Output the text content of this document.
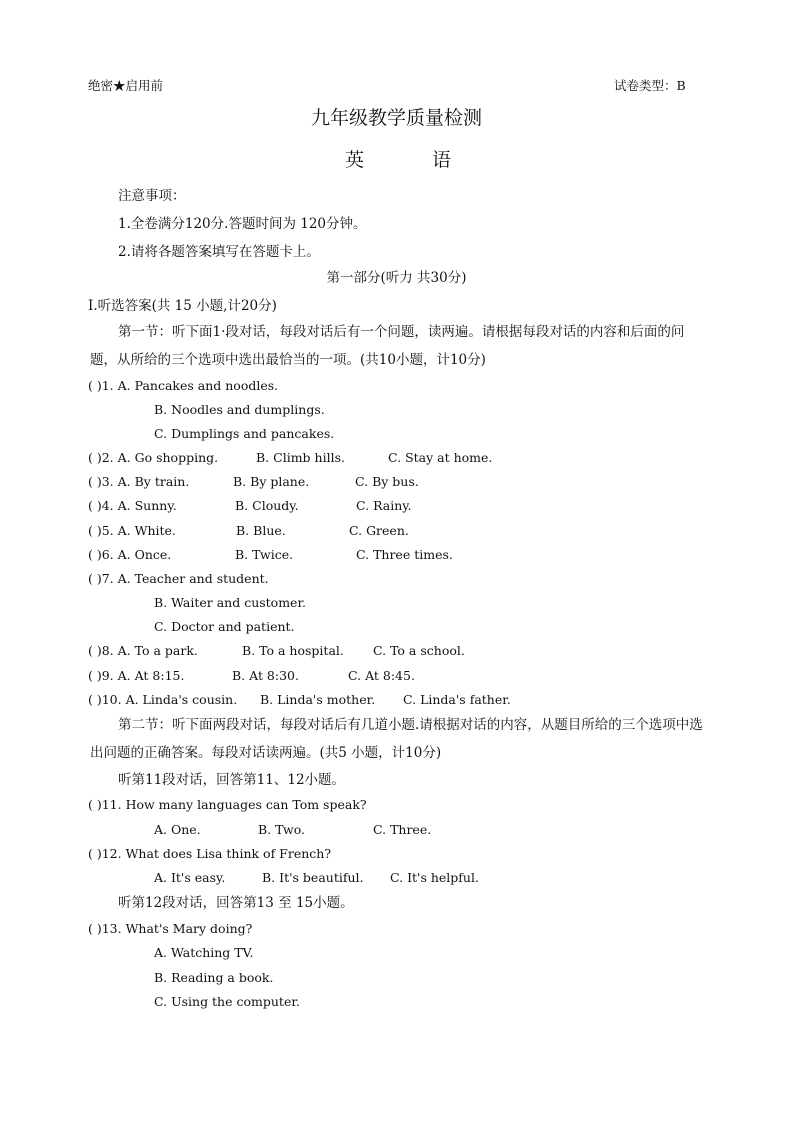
绝密★启用前	试卷类型：B
九年级教学质量检测
英	语
注意事项：
1.全卷满分120分.答题时间为 120分钟。
2.请将各题答案填写在答题卡上。
第一部分(听力 共30分)
Ⅰ.听选答案(共 15 小题,计20分)
第一节：听下面1·段对话，每段对话后有一个问题，读两遍。请根据每段对话的内容和后面的问题，从所给的三个选项中选出最恰当的一项。(共10小题，计10分)
( )1. A. Pancakes and noodles.
B. Noodles and dumplings.
C. Dumplings and pancakes.
( )2. A. Go shopping.	B. Climb hills.	C. Stay at home.
( )3. A. By train.	B. By plane.	C. By bus.
( )4. A. Sunny.	B. Cloudy.	C. Rainy.
( )5. A. White.	B. Blue.	C. Green.
( )6. A. Once.	B. Twice.	C. Three times.
( )7. A. Teacher and student.
B. Waiter and customer.
C. Doctor and patient.
( )8. A. To a park.	B. To a hospital. C. To a school.
( )9. A. At 8:15.	B. At 8:30.	C. At 8:45.
( )10. A. Linda's cousin. B. Linda's mother. C. Linda's father.
第二节：听下面两段对话，每段对话后有几道小题.请根据对话的内容，从题目所给的三个选项中选出问题的正确答案。每段对话读两遍。(共5 小题，计10分)
听第11段对话，回答第11、12小题。
( )11. How many languages can Tom speak?
A. One.	B. Two.	C. Three.
( )12. What does Lisa think of French?
A. It's easy.	B. It's beautiful. C. It's helpful.
听第12段对话，回答第13 至 15小题。
( )13. What's Mary doing?
A. Watching TV.
B. Reading a book.
C. Using the computer.
